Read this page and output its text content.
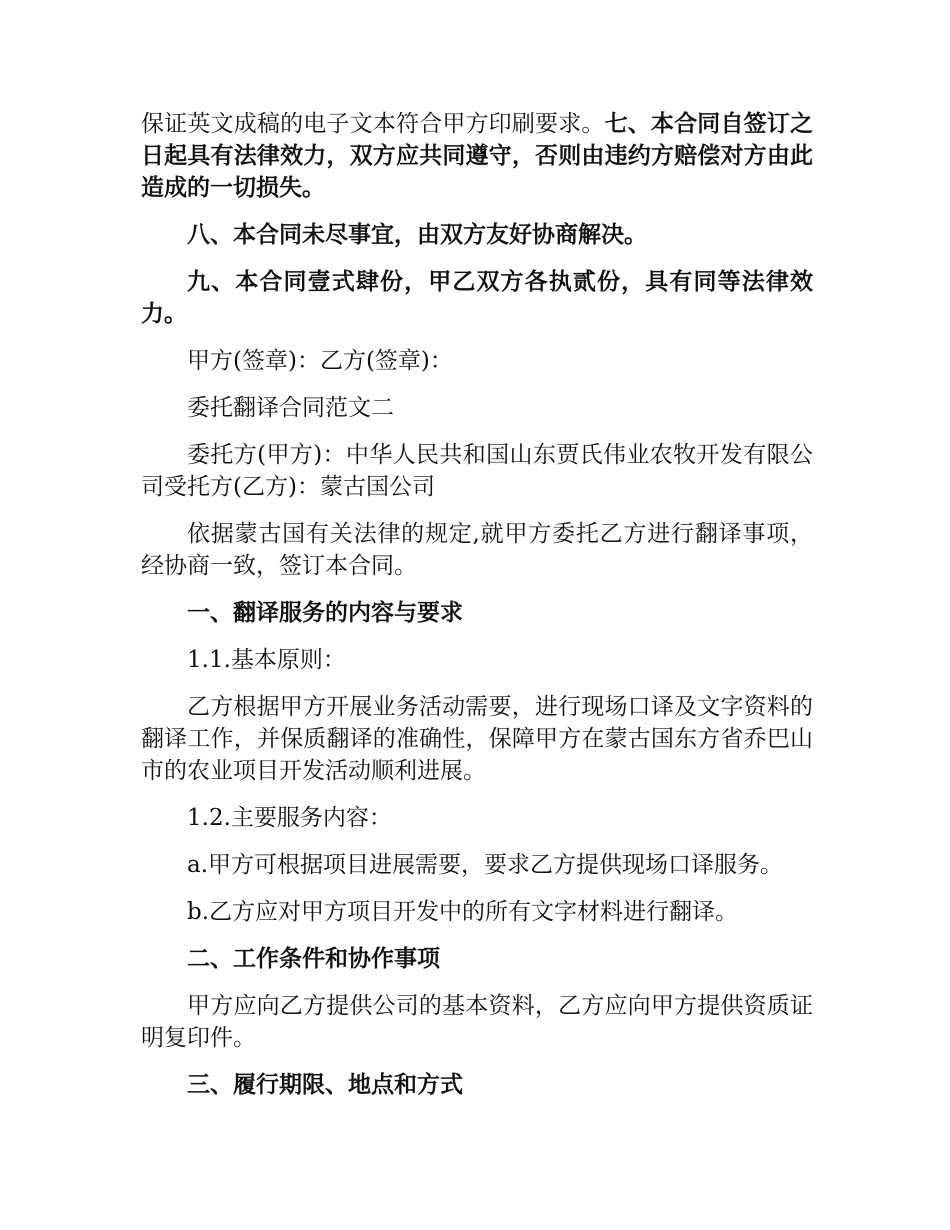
保证英文成稿的电子文本符合甲方印刷要求。七、本合同自签订之日起具有法律效力，双方应共同遵守，否则由违约方赔偿对方由此造成的一切损失。

八、本合同未尽事宜，由双方友好协商解决。

九、本合同壹式肆份，甲乙双方各执贰份，具有同等法律效力。

甲方(签章)：乙方(签章)：

委托翻译合同范文二

委托方(甲方)：中华人民共和国山东贾氏伟业农牧开发有限公司受托方(乙方)：蒙古国公司

依据蒙古国有关法律的规定,就甲方委托乙方进行翻译事项，经协商一致，签订本合同。

一、翻译服务的内容与要求

1.1.基本原则：

乙方根据甲方开展业务活动需要，进行现场口译及文字资料的翻译工作，并保质翻译的准确性，保障甲方在蒙古国东方省乔巴山市的农业项目开发活动顺利进展。

1.2.主要服务内容：

a.甲方可根据项目进展需要，要求乙方提供现场口译服务。

b.乙方应对甲方项目开发中的所有文字材料进行翻译。

二、工作条件和协作事项

甲方应向乙方提供公司的基本资料，乙方应向甲方提供资质证明复印件。

三、履行期限、地点和方式
